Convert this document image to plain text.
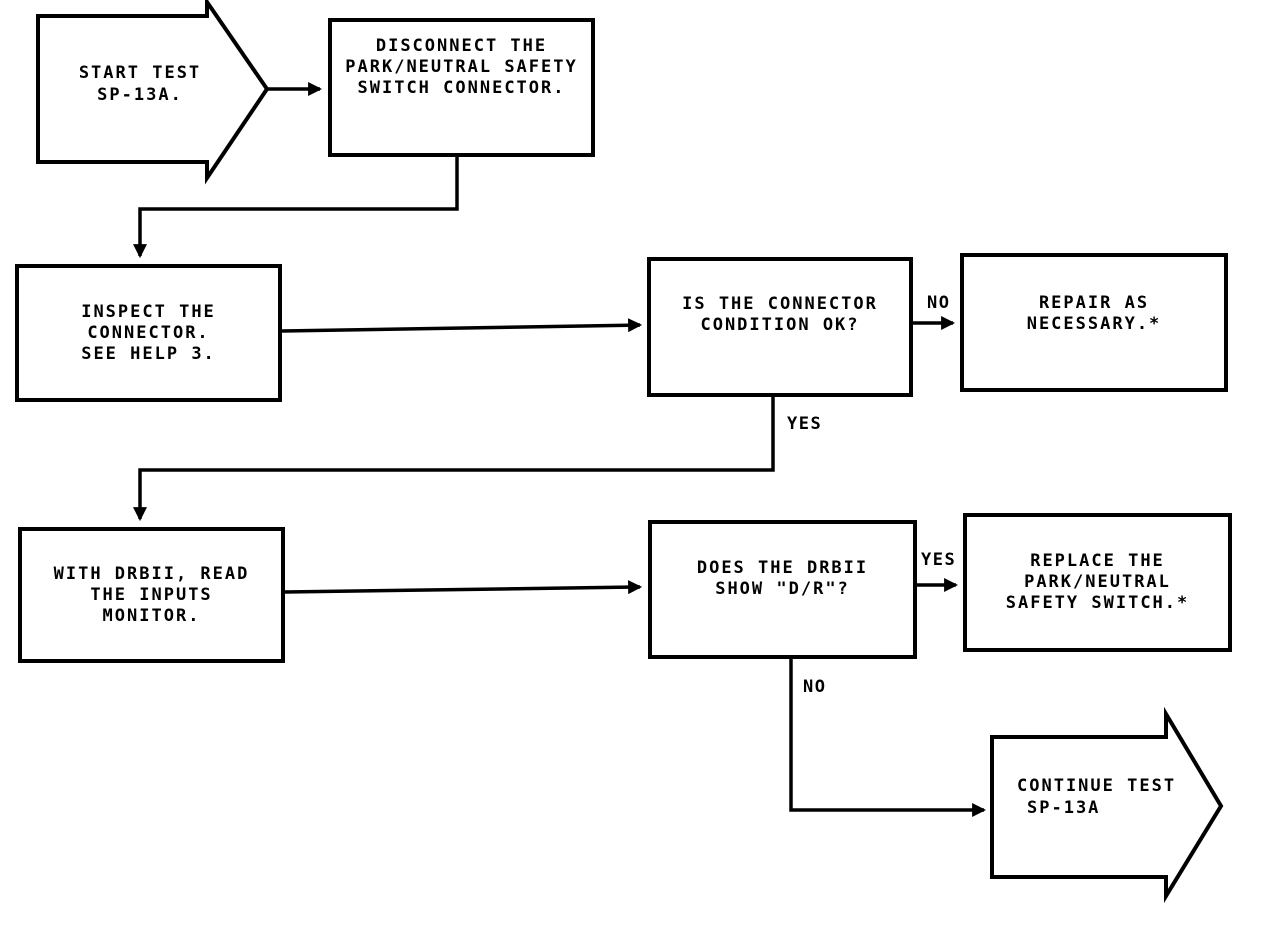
START TEST
SP-13A.
DISCONNECT THE
PARK/NEUTRAL SAFETY
SWITCH CONNECTOR.
INSPECT THE
CONNECTOR.
SEE HELP 3.
IS THE CONNECTOR
CONDITION OK?
REPAIR AS
NECESSARY.*
WITH DRBII, READ
THE INPUTS
MONITOR.
DOES THE DRBII
SHOW "D/R"?
REPLACE THE
PARK/NEUTRAL
SAFETY SWITCH.*
CONTINUE TEST
SP-13A
NO
YES
YES
NO
